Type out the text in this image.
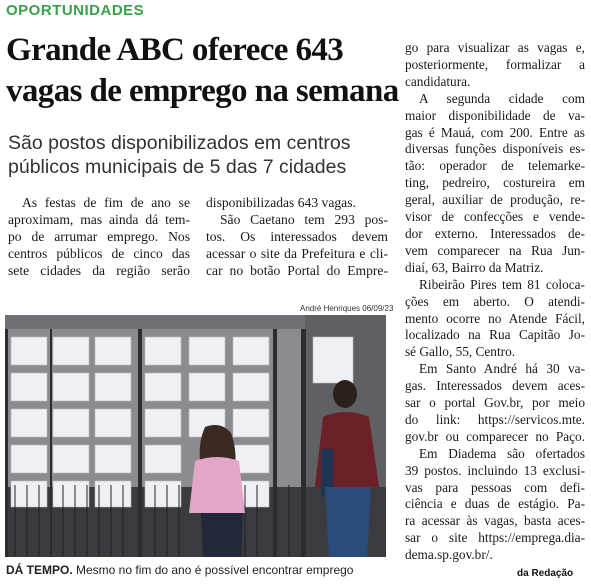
OPORTUNIDADES
Grande ABC oferece 643
vagas de emprego na semana
São postos disponibilizados em centros
públicos municipais de 5 das 7 cidades
As festas de fim de ano se
aproximam, mas ainda dá tem-
po de arrumar emprego. Nos
centros públicos de cinco das
sete cidades da região serão
disponibilizadas 643 vagas.
São Caetano tem 293 pos-
tos. Os interessados devem
acessar o site da Prefeitura e cli-
car no botão Portal do Empre-
go para visualizar as vagas e,
posteriormente, formalizar a
candidatura.
A segunda cidade com
maior disponibilidade de va-
gas é Mauá, com 200. Entre as
diversas funções disponíveis es-
tão: operador de telemarke-
ting, pedreiro, costureira em
geral, auxiliar de produção, re-
visor de confecções e vende-
dor externo. Interessados de-
vem comparecer na Rua Jun-
diaí, 63, Bairro da Matriz.
Ribeirão Pires tem 81 coloca-
ções em aberto. O atendi-
mento ocorre no Atende Fácil,
localizado na Rua Capitão Jo-
sé Gallo, 55, Centro.
Em Santo André há 30 va-
gas. Interessados devem aces-
sar o portal Gov.br, por meio
do link: https://servicos.mte.
gov.br ou comparecer no Paço.
Em Diadema são ofertados
39 postos. incluindo 13 exclusi-
vas para pessoas com defi-
ciência e duas de estágio. Pa-
ra acessar às vagas, basta aces-
sar o site https://emprega.dia-
dema.sp.gov.br/.
André Henriques 06/09/23
DÁ TEMPO. Mesmo no fim do ano é possível encontrar emprego	da Redação
